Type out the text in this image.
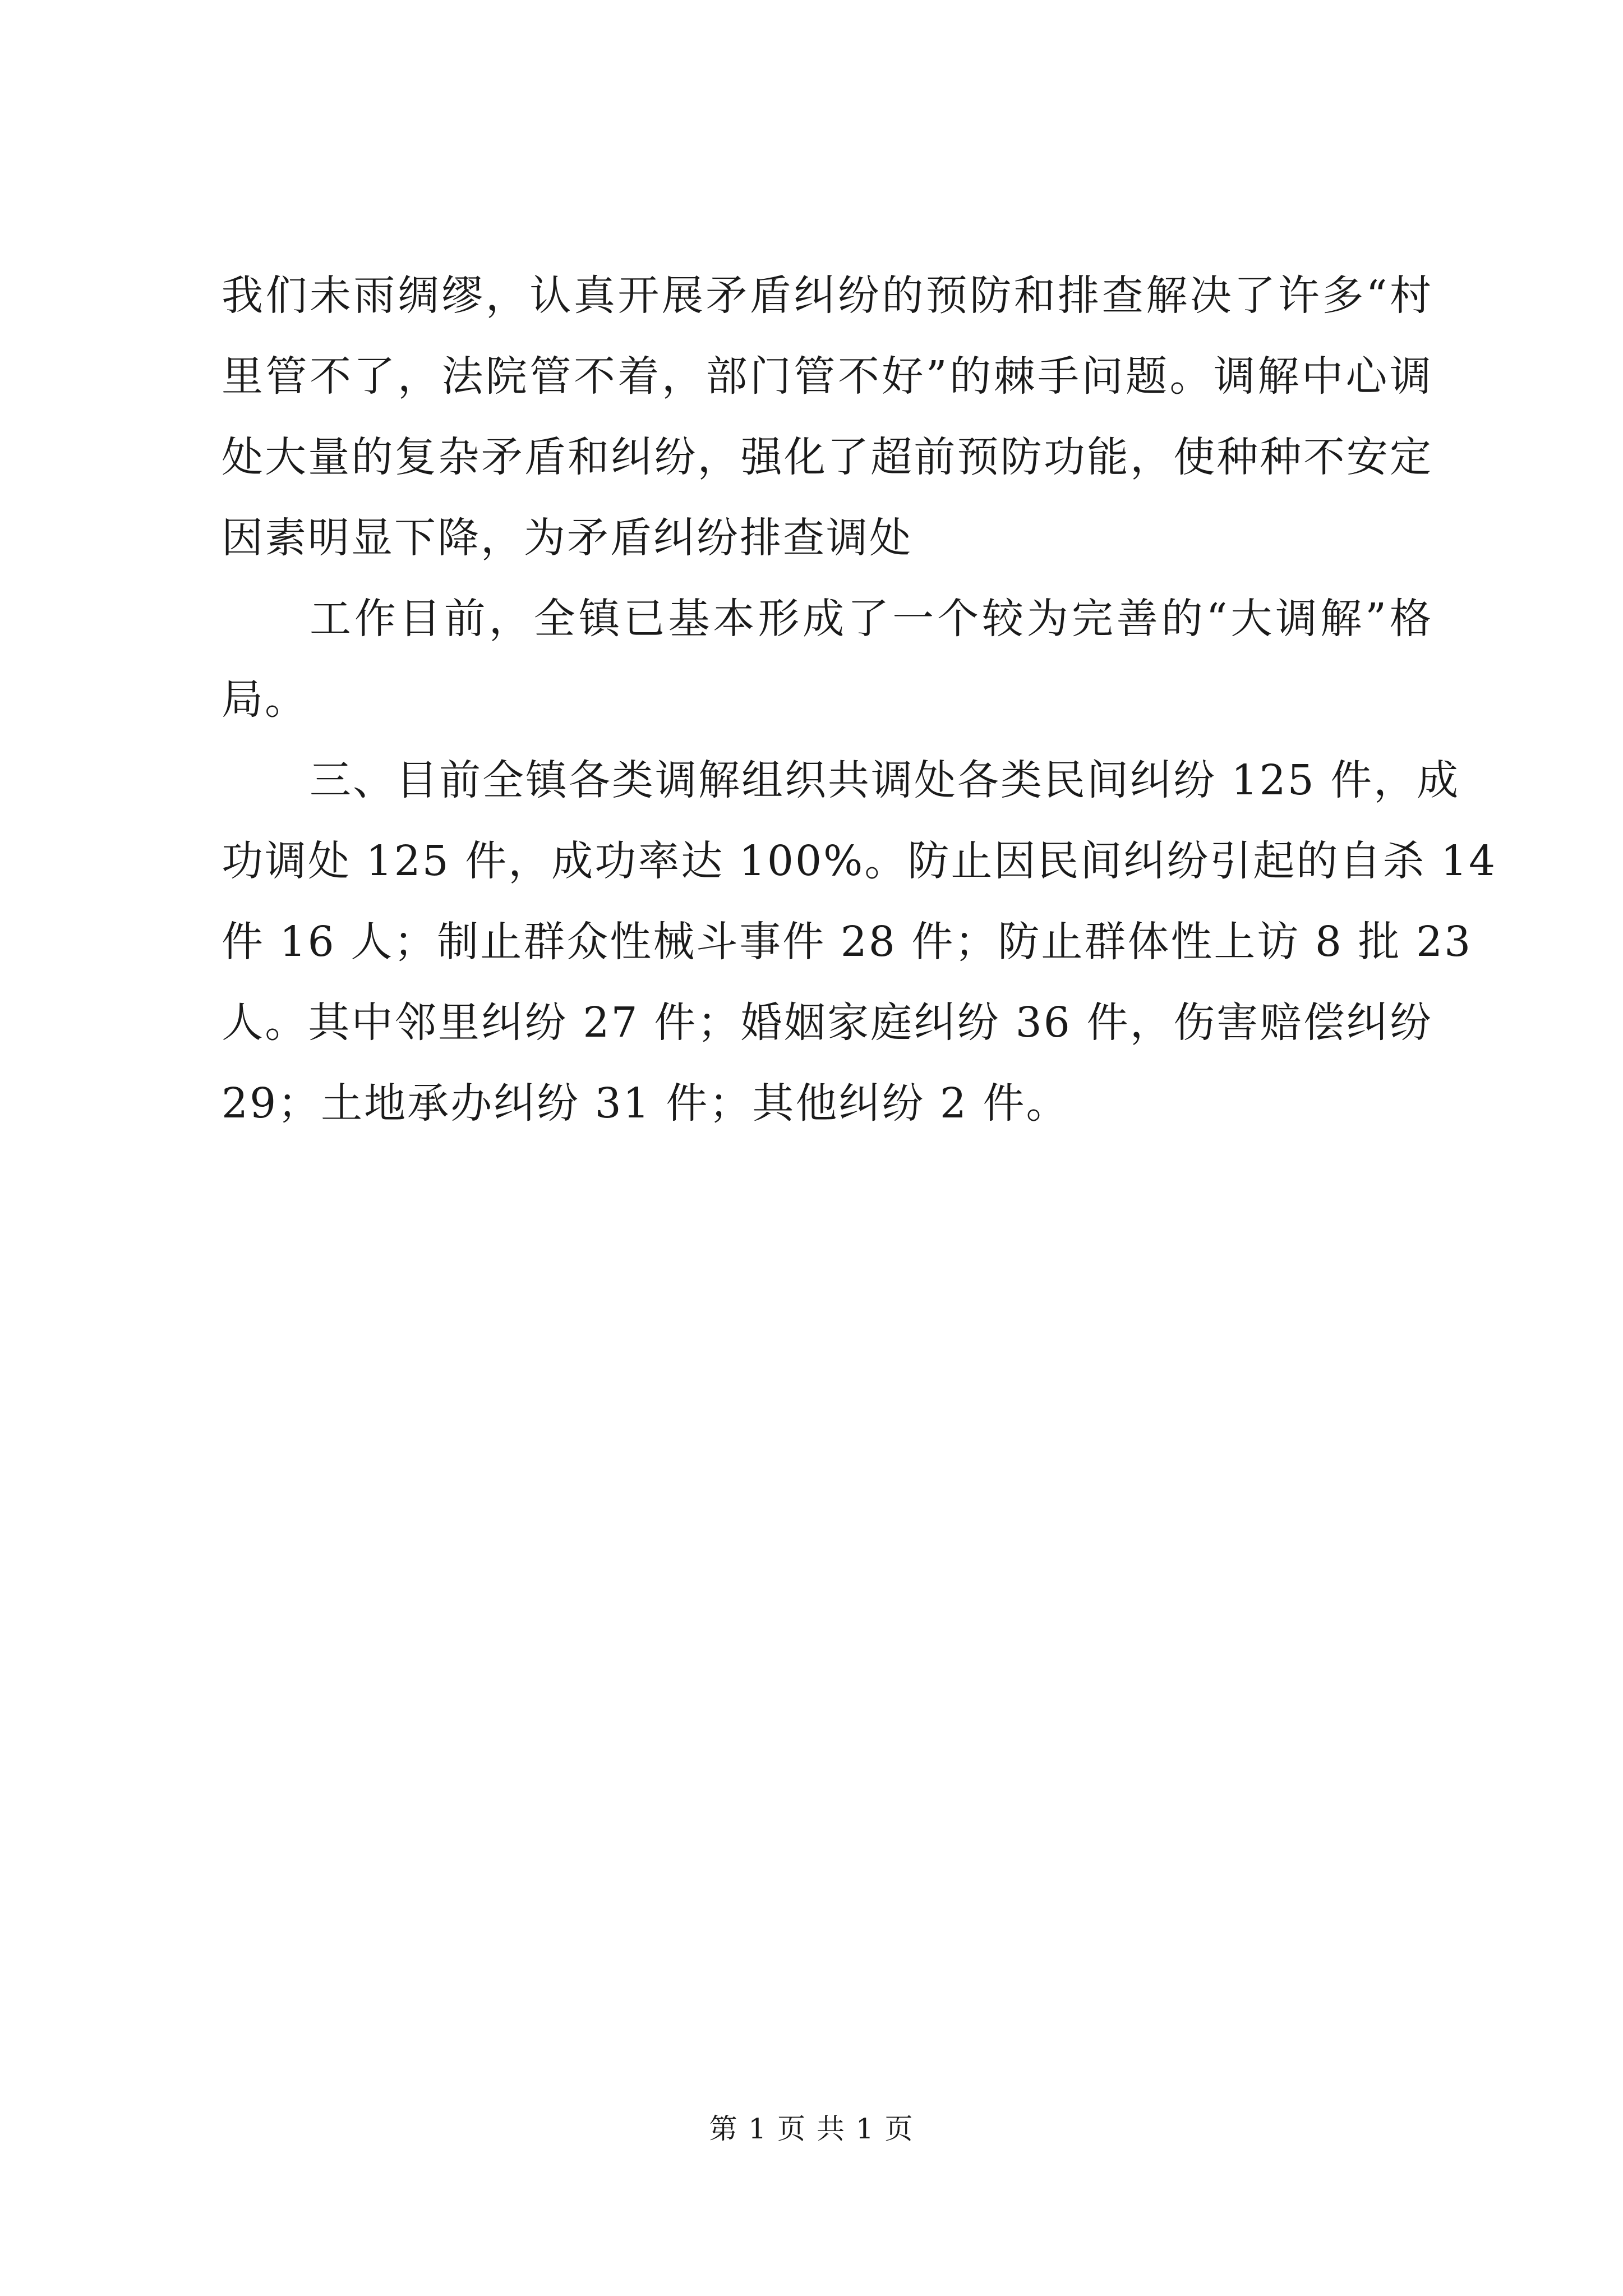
我们未雨绸缪，认真开展矛盾纠纷的预防和排查解决了许多“村
里管不了，法院管不着，部门管不好”的棘手问题。调解中心调
处大量的复杂矛盾和纠纷，强化了超前预防功能，使种种不安定
因素明显下降，为矛盾纠纷排查调处
工作目前，全镇已基本形成了一个较为完善的“大调解”格
局。
三、目前全镇各类调解组织共调处各类民间纠纷 125 件，成
功调处 125 件，成功率达 100%。防止因民间纠纷引起的自杀 14
件 16 人；制止群众性械斗事件 28 件；防止群体性上访 8 批 23
人。其中邻里纠纷 27 件；婚姻家庭纠纷 36 件，伤害赔偿纠纷
29；土地承办纠纷 31 件；其他纠纷 2 件。
第 1 页 共 1 页
